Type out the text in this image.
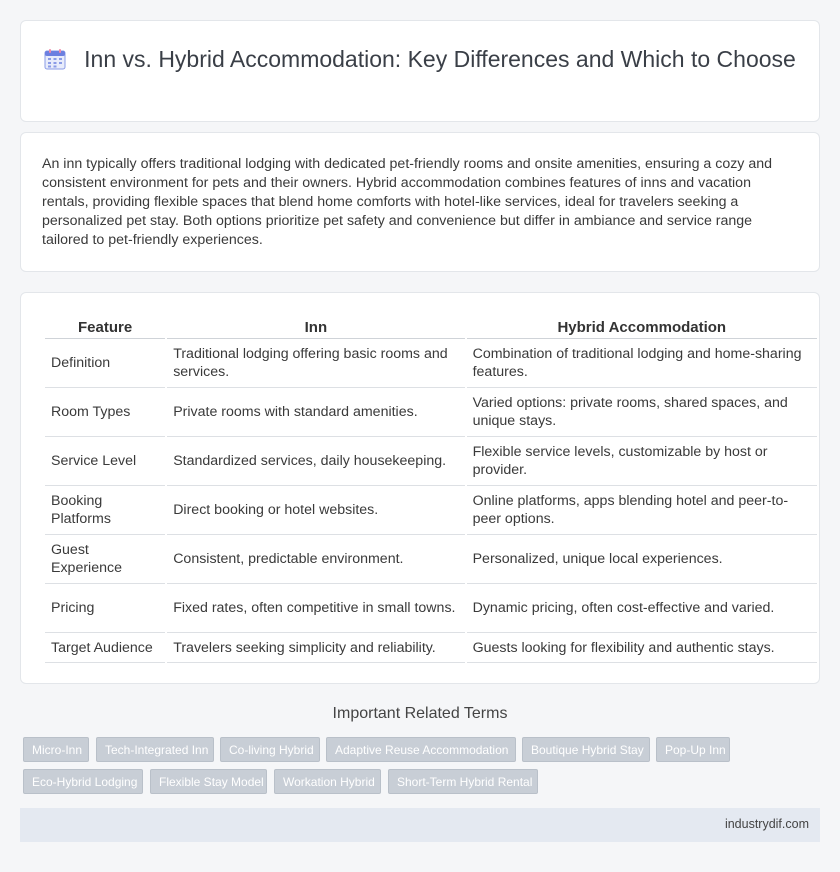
Inn vs. Hybrid Accommodation: Key Differences and Which to Choose

An inn typically offers traditional lodging with dedicated pet-friendly rooms and onsite amenities, ensuring a cozy and consistent environment for pets and their owners. Hybrid accommodation combines features of inns and vacation rentals, providing flexible spaces that blend home comforts with hotel-like services, ideal for travelers seeking a personalized pet stay. Both options prioritize pet safety and convenience but differ in ambiance and service range tailored to pet-friendly experiences.

Feature	Inn	Hybrid Accommodation
Definition	Traditional lodging offering basic rooms and services.	Combination of traditional lodging and home-sharing features.
Room Types	Private rooms with standard amenities.	Varied options: private rooms, shared spaces, and unique stays.
Service Level	Standardized services, daily housekeeping.	Flexible service levels, customizable by host or provider.
Booking Platforms	Direct booking or hotel websites.	Online platforms, apps blending hotel and peer-to-peer options.
Guest Experience	Consistent, predictable environment.	Personalized, unique local experiences.
Pricing	Fixed rates, often competitive in small towns.	Dynamic pricing, often cost-effective and varied.
Target Audience	Travelers seeking simplicity and reliability.	Guests looking for flexibility and authentic stays.
Important Related Terms
Micro-Inn	Tech-Integrated Inn	Co-living Hybrid	Adaptive Reuse Accommodation	Boutique Hybrid Stay	Pop-Up Inn
Eco-Hybrid Lodging	Flexible Stay Model	Workation Hybrid	Short-Term Hybrid Rental
industrydif.com
